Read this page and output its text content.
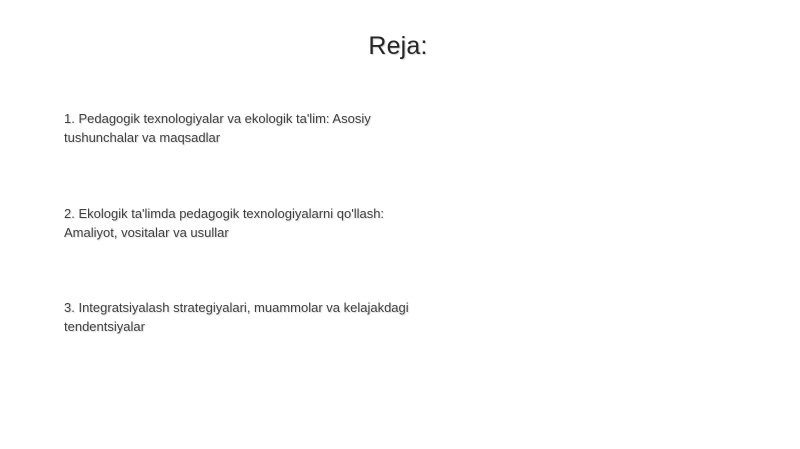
Reja:
1. Pedagogik texnologiyalar va ekologik ta'lim: Asosiy tushunchalar va maqsadlar
2. Ekologik ta'limda pedagogik texnologiyalarni qo'llash: Amaliyot, vositalar va usullar
3. Integratsiyalash strategiyalari, muammolar va kelajakdagi tendentsiyalar
